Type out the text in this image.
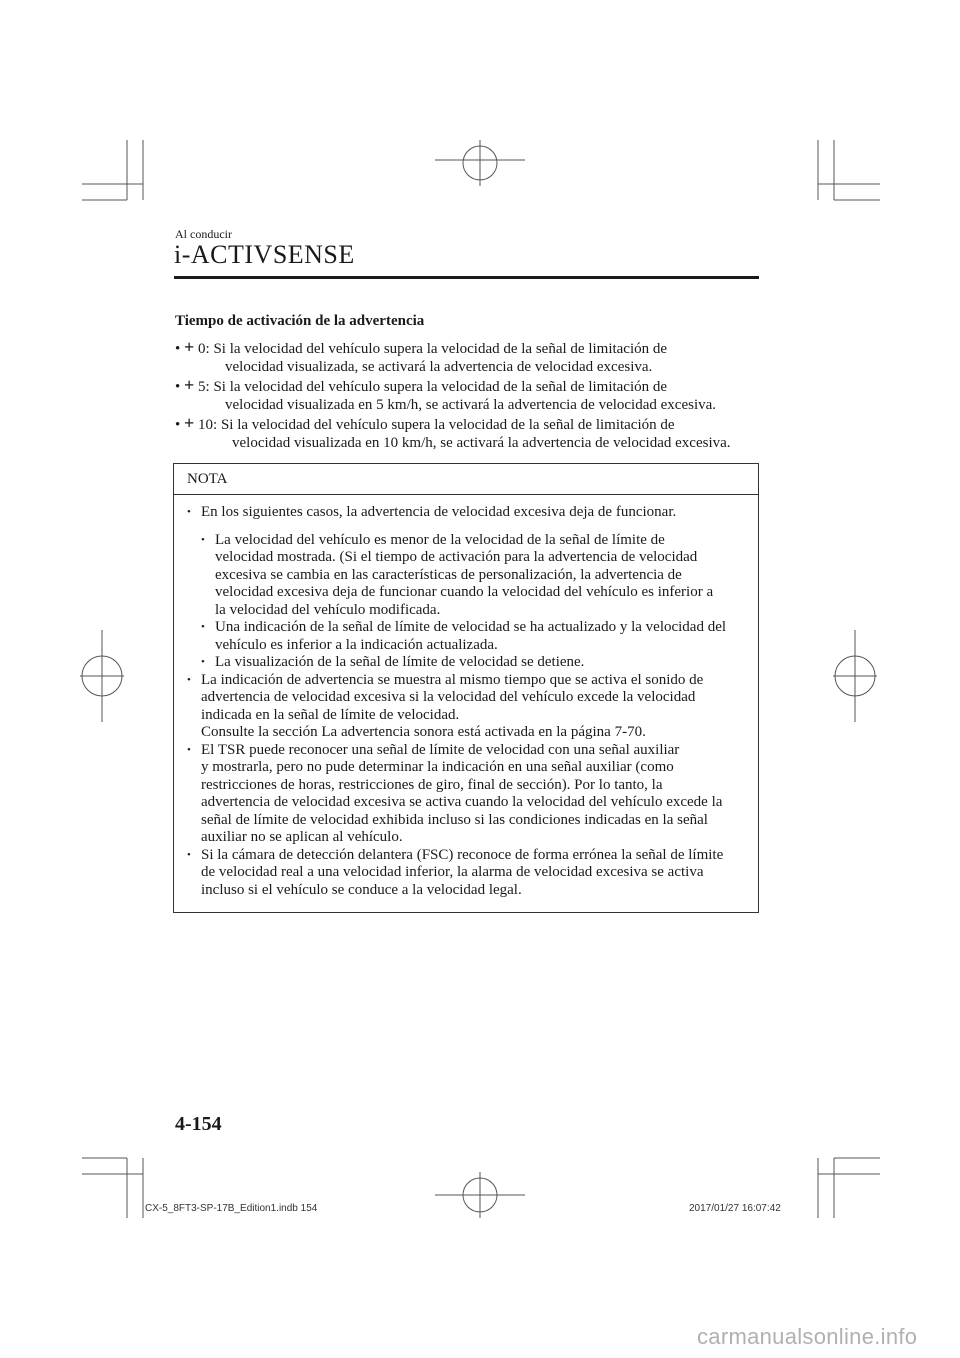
Al conducir
i-ACTIVSENSE
Tiempo de activación de la advertencia
• + 0: Si la velocidad del vehículo supera la velocidad de la señal de limitación de
velocidad visualizada, se activará la advertencia de velocidad excesiva.
• + 5: Si la velocidad del vehículo supera la velocidad de la señal de limitación de
velocidad visualizada en 5 km/h, se activará la advertencia de velocidad excesiva.
• + 10: Si la velocidad del vehículo supera la velocidad de la señal de limitación de
velocidad visualizada en 10 km/h, se activará la advertencia de velocidad excesiva.
NOTA
• En los siguientes casos, la advertencia de velocidad excesiva deja de funcionar.
• La velocidad del vehículo es menor de la velocidad de la señal de límite de
velocidad mostrada. (Si el tiempo de activación para la advertencia de velocidad
excesiva se cambia en las características de personalización, la advertencia de
velocidad excesiva deja de funcionar cuando la velocidad del vehículo es inferior a
la velocidad del vehículo modificada.
• Una indicación de la señal de límite de velocidad se ha actualizado y la velocidad del
vehículo es inferior a la indicación actualizada.
• La visualización de la señal de límite de velocidad se detiene.
• La indicación de advertencia se muestra al mismo tiempo que se activa el sonido de
advertencia de velocidad excesiva si la velocidad del vehículo excede la velocidad
indicada en la señal de límite de velocidad.
Consulte la sección La advertencia sonora está activada en la página 7-70.
• El TSR puede reconocer una señal de límite de velocidad con una señal auxiliar
y mostrarla, pero no pude determinar la indicación en una señal auxiliar (como
restricciones de horas, restricciones de giro, final de sección). Por lo tanto, la
advertencia de velocidad excesiva se activa cuando la velocidad del vehículo excede la
señal de límite de velocidad exhibida incluso si las condiciones indicadas en la señal
auxiliar no se aplican al vehículo.
• Si la cámara de detección delantera (FSC) reconoce de forma errónea la señal de límite
de velocidad real a una velocidad inferior, la alarma de velocidad excesiva se activa
incluso si el vehículo se conduce a la velocidad legal.
4-154
CX-5_8FT3-SP-17B_Edition1.indb 154	2017/01/27 16:07:42
carmanualsonline.info
